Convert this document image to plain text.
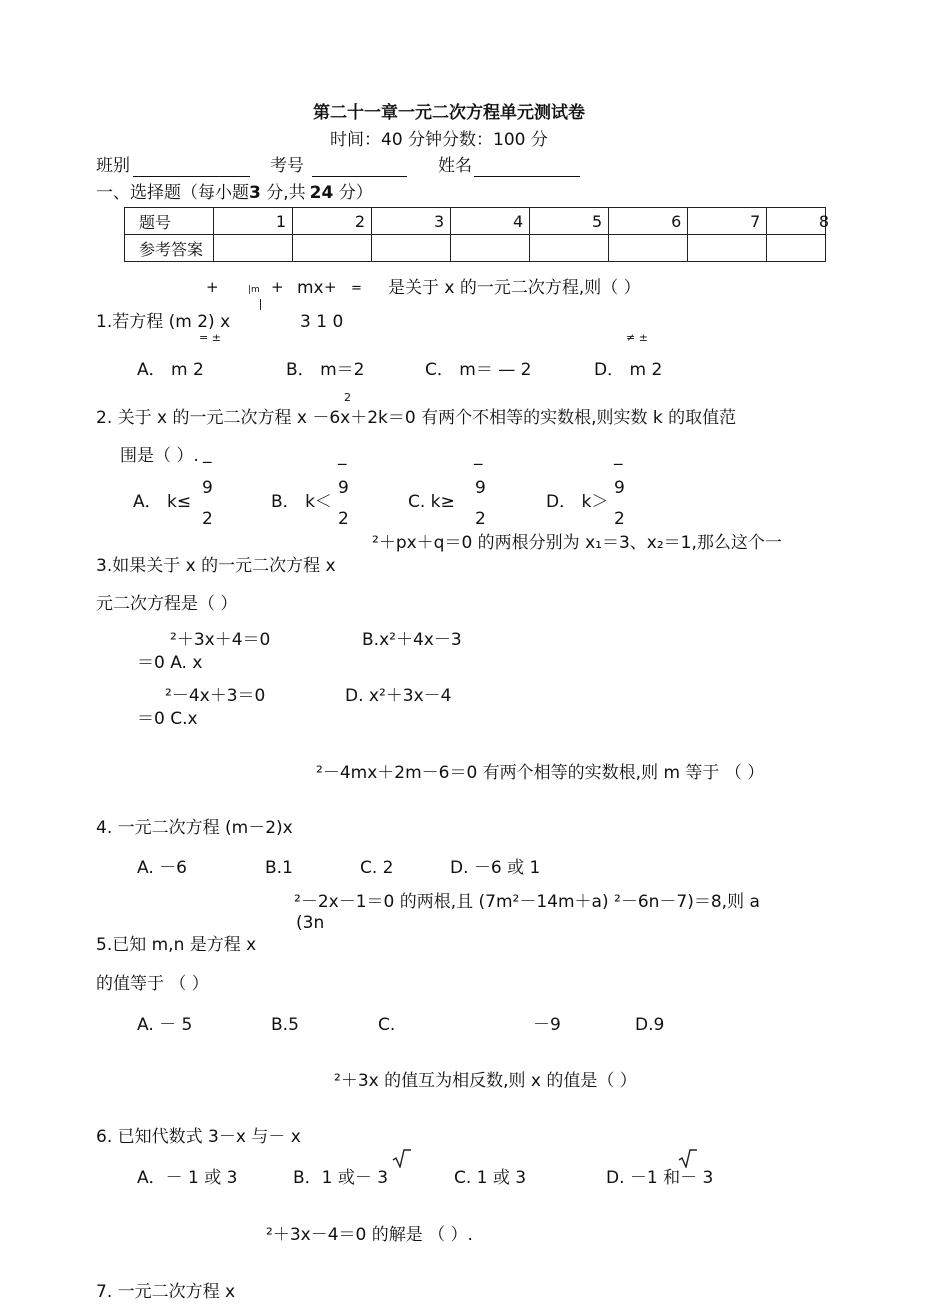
第二十一章一元二次方程单元测试卷
时间：40 分钟分数：100 分
班别	考号	姓名
一、选择题（每小题3 分,共 24 分）
题号	1	2	3	4	5	6	7	8
参考答案								
+	|m + mx + = 是关于 x 的一元二次方程,则（ ）
1.若方程 (m 2) x	3 1 0
= ±	≠ ±
A． m 2	B． m＝2	C． m＝ — 2	D． m 2
2
2. 关于 x 的一元二次方程 x －6x＋2k＝0 有两个不相等的实数根,则实数 k 的取值范
围是（ ）. _	_	_	_
A． k≤
9
2
B． k＜
9
2
C. k≥
9
2
D． k＞
9
2
²＋px＋q＝0 的两根分别为 x₁＝3、x₂＝1,那么这个一
3.如果关于 x 的一元二次方程 x
元二次方程是（ ）
²＋3x＋4＝0	B.x²＋4x－3
＝0 A. x
²－4x＋3＝0	D. x²＋3x－4
＝0 C.x
²－4mx＋2m－6＝0 有两个相等的实数根,则 m 等于 （ ）
4. 一元二次方程 (m－2)x
A. －6	B.1	C. 2	D. －6 或 1
²－2x－1＝0 的两根,且 (7m²－14m＋a) ²－6n－7)＝8,则 a
(3n
5.已知 m,n 是方程 x
的值等于 （ ）
A. － 5	B.5	C.	－9	D.9
²＋3x 的值互为相反数,则 x 的值是（ ）
6. 已知代数式 3－x 与－ x
A．－ 1 或 3	B．1 或－ 3	C. 1 或 3	D. －1 和－ 3
²＋3x－4＝0 的解是 （ ）.
7. 一元二次方程 x
